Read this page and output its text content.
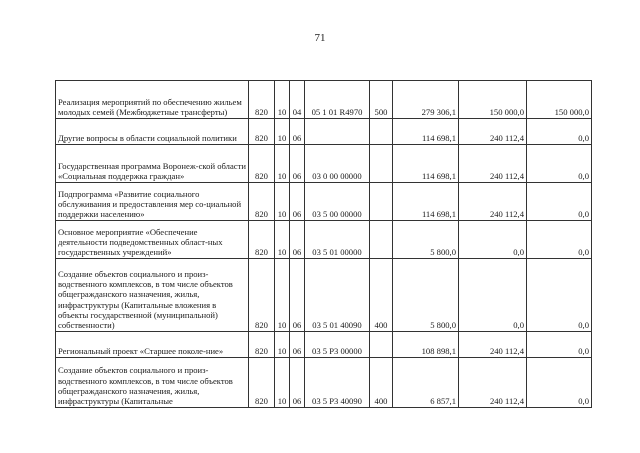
71
Реализация мероприятий по обеспечению жильем молодых семей (Межбюджетные трансферты)	820	10	04	05 1 01 R4970	500	279 306,1	150 000,0	150 000,0
Другие вопросы в области социальной политики	820	10	06			114 698,1	240 112,4	0,0
Государственная программа Воронеж-ской области «Социальная поддержка граждан»	820	10	06	03 0 00 00000		114 698,1	240 112,4	0,0
Подпрограмма «Развитие социального обслуживания и предоставления мер со-циальной поддержки населению»	820	10	06	03 5 00 00000		114 698,1	240 112,4	0,0
Основное мероприятие «Обеспечение деятельности подведомственных област-ных государственных учреждений»	820	10	06	03 5 01 00000		5 800,0	0,0	0,0
Создание объектов социального и произ-водственного комплексов, в том числе объектов общегражданского назначения, жилья, инфраструктуры (Капитальные вложения в объекты государственной (муниципальной) собственности)	820	10	06	03 5 01 40090	400	5 800,0	0,0	0,0
Региональный проект «Старшее поколе-ние»	820	10	06	03 5 P3 00000		108 898,1	240 112,4	0,0
Создание объектов социального и произ-водственного комплексов, в том числе объектов общегражданского назначения, жилья, инфраструктуры (Капитальные	820	10	06	03 5 P3 40090	400	6 857,1	240 112,4	0,0
